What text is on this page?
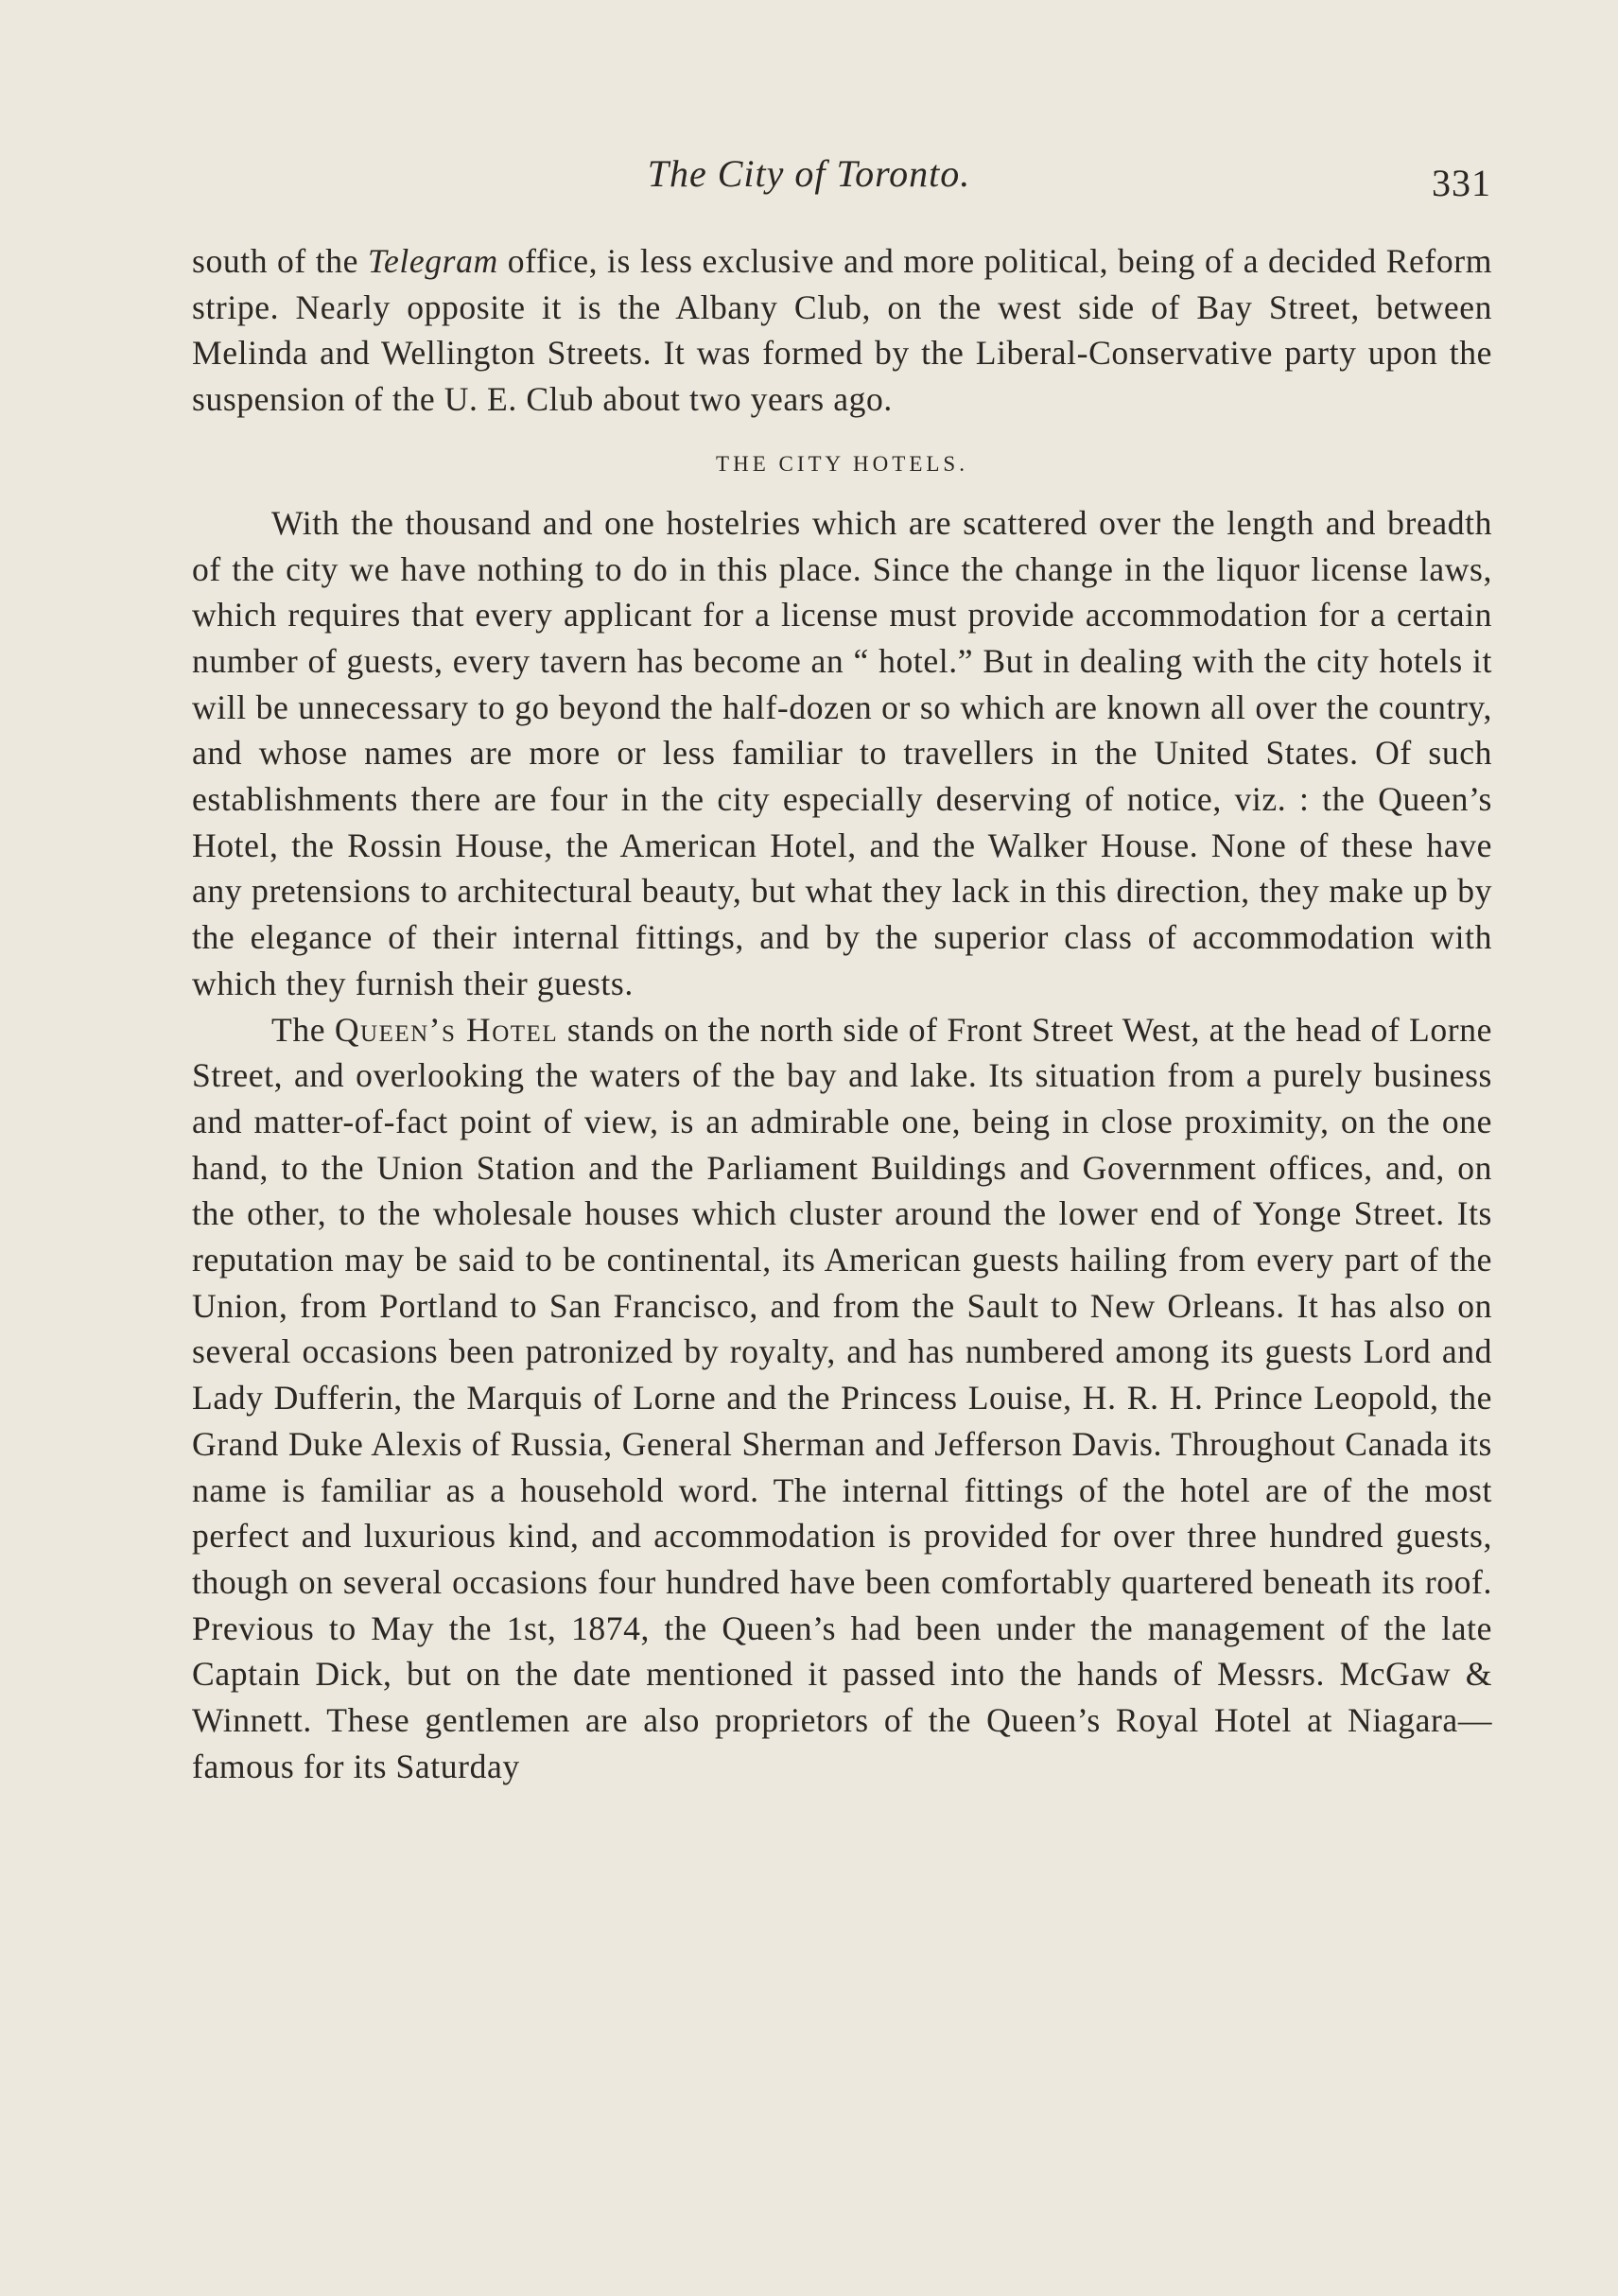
The City of Toronto.	331

south of the Telegram office, is less exclusive and more political, being of a decided Reform stripe. Nearly opposite it is the Albany Club, on the west side of Bay Street, between Melinda and Wellington Streets. It was formed by the Liberal-Conservative party upon the suspension of the U. E. Club about two years ago.

THE CITY HOTELS.

With the thousand and one hostelries which are scattered over the length and breadth of the city we have nothing to do in this place. Since the change in the liquor license laws, which requires that every applicant for a license must provide accommodation for a certain number of guests, every tavern has become an “ hotel.” But in dealing with the city hotels it will be unnecessary to go beyond the half-dozen or so which are known all over the country, and whose names are more or less familiar to travellers in the United States. Of such establishments there are four in the city especially deserving of notice, viz. : the Queen’s Hotel, the Rossin House, the American Hotel, and the Walker House. None of these have any pretensions to architectural beauty, but what they lack in this direction, they make up by the elegance of their internal fittings, and by the superior class of accommodation with which they furnish their guests.

The Queen’s Hotel stands on the north side of Front Street West, at the head of Lorne Street, and overlooking the waters of the bay and lake. Its situation from a purely business and matter-of-fact point of view, is an admirable one, being in close proximity, on the one hand, to the Union Station and the Parliament Buildings and Government offices, and, on the other, to the wholesale houses which cluster around the lower end of Yonge Street. Its reputation may be said to be continental, its American guests hailing from every part of the Union, from Portland to San Francisco, and from the Sault to New Orleans. It has also on several occasions been patronized by royalty, and has numbered among its guests Lord and Lady Dufferin, the Marquis of Lorne and the Princess Louise, H. R. H. Prince Leopold, the Grand Duke Alexis of Russia, General Sherman and Jefferson Davis. Throughout Canada its name is familiar as a household word. The internal fittings of the hotel are of the most perfect and luxurious kind, and accommodation is provided for over three hundred guests, though on several occasions four hundred have been comfortably quartered beneath its roof. Previous to May the 1st, 1874, the Queen’s had been under the management of the late Captain Dick, but on the date mentioned it passed into the hands of Messrs. McGaw & Winnett. These gentlemen are also proprietors of the Queen’s Royal Hotel at Niagara—famous for its Saturday
